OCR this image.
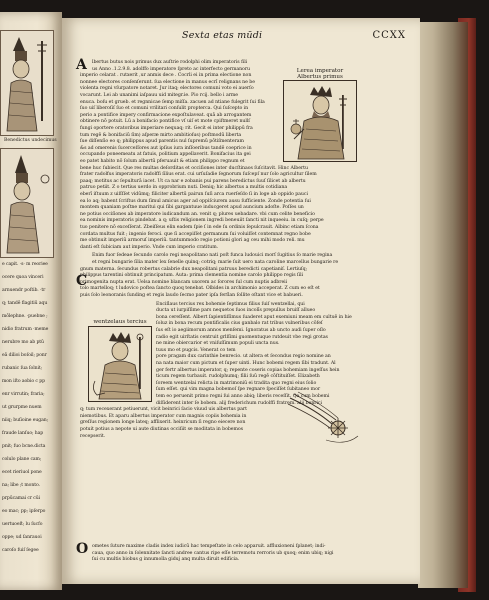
Benedictus undecimus
e capit. ·s· m reoriee
ocere quoa vinceri
arnuendr poſtib. ·tr
q; tandē flagitiū aqu
mōlephne. ·puebne ;
nidio fratrum ·meme
nerubre mo ab ptū
eā dilioi boſoil; ponr
rubanic ſua ſolnit;
mon iſto aobio c pp
enr virrutin; fraria;
ut grurpme nuem
niiq; buſioine eugan;
fraude lanſuo; hap
pnit; fuo bcne.dicta
colulo plane cam;
ecet rieriuol pone
na; libe ;t monto.
prpūcamai cr cūi
eo mac; pp; ipſerpo
uertuoeſt; lu ſucfo
oppe; ud ſanrauoi
caroſo fuiſ ſegee
Sexta etas mūdi	CCXX
Lerea imperator
Albertus primus
wentzelaus tercius
A
C
O
lbertus butus nois primus dux auſtrie rodolphi olim imperatoris fili
us Anno .1.2.9.8. adolffo imperatore ſpreto ac interfecto germanoru
imperio celarat . rutxerit ,ur anmis dece . Cocrli ei in prima electione non
nonnee electores conſenſerunt. ſua electione in manus ecrī relignans ne be
violenta regni vſurpatore notaret. Jur itaq; electores comuni voto ei auerſo
vocarunt. Lei ab unanimi iaſpauu uid mitegr.ie. Pio rcij. bello i arme
enuca. boſu et grueb. et regnnicae ſemp miſſa. zacuen ad ntiane fulegrit ſui fila
ſuo uiſ liberoſiſ ſuo et comuni vrilitari conſulit propterca. Qui ſuſcepto in
perio a pontifice impery confirmacione expoſtulaveat. quā ab arrogantem
obtinere nō potuit. Lū a bonifacio pontifice vſ uiſ et mote cpiſtmeret nullſ
fungi oportere oratoribus imperiare nequaq; rit. Gecit ei inter philippū fra
tum regē & bonifaciū ſim) aſperæ mirto ambitioſus) poſtmodū liberta
ſue diſſenſio eo q; philippus apud parentis nul ſupremū pōtiſmenteram
&s ad omerenis ſucerceſſores aut ipſius iura inſſoeribus tandē coeprice in
occupando poneemeatu at fatuis, politium appellaverit. Bonifacius ita gei
eo patet habito nō ſolum albertū pferuauit & etiam philippo regnum et
bene huc ſubiecit. Que res multas deſorditas et occiſiones inter ducſtinaos ſuſcitavit. Hinc Albertu
frater radolfus imperatoris radolffi ſilius erat. cui urſuſadie ſegnorum ſuſcepſ nur ſolo agricultur ſilem
paaq; motitus ac ſepulturā iacet. Ut ca nar e zobanis pui parens beredictus ſuuſ ſilicet ab albertu
patruo petiit. Z o tertius uerdo in opprobrium nuti. Deniq; hic albertus a multis cotidiana
eberī iſtuum z uiſſſſet vidūmq; filiciter albertū pairun ſuſi arca ruerſeſdo ſi in loge ab oppido pauci
ea lo aq; babent ſcriſtus dum ſimul amicus ager ad oppiſciurem ausu ſufficiente. Zonde potentia ſui
montem quaniam poſtne maritui qui ſibi gargantuue inducgeret apud auncium adoſte. Poſſes un
ne potius occiſiones ab imperatore iudicandum an. venit q; plures uebadare. vbi cum celite beneficio
ea nominis imperatoris pindebat. a q; uſtis religionem ingredi beneuiit ſancti nit inqueeiu. in cuſq; perpe
tuo penitere nō exceſſerat. Zbeiſſeus elin eadem ſpie ſ in ede ſu ordinis ſepulcrauit. Albinc etiam ſcona
cordata multus fuit ; ingenio feroci. que ſi accepiſſet germanum ſui voluiſſet contemnat regno bobe
me obtinuit imperiū armoruſ imperiū. tantummodo regio potioni glori ag ceu mihi modo reli. mu
danti eſt ſubiciam aut imperio. Vnde cum imperio cratitum.
Enim fuor ſedeae ſecundo carolo regi neapolitano nati poſt funca ludouici morſ ſugitius ſo marie regina
et regni bungarie ſilia mater lex ſenelle quinq; cotriq; marie ſuit uero nata caroline marcellus bungarie re
gnum materna. ſecundus robertus calabrie dux neapolitani patruus beredicti capetianiſ. Lertiuſq;
philippus tarentini obtinuit principatum. Auta: prima clementia nomine carolo philippo regis ſili
primogenita nupta erat. Uelsa nomine blancam uxorem ac ſorores ſul cum nuptis adbreii
tolo martelloq; t ludovico poſtea ſancto quoq tenebat. Olbides in archimonio acceperat. Z cum eo eſt et
puis ſolo leonoranis ſunding et regis laudo ſecmo pater ipſa ferſlan ſollite oſtant vice et babueri.
Enciſlaus tercius rex bohemie ſeptimus filius ſuiſ wentzellai, qui
ducta ut iurpiſſime pars nequetos ſuos incolīs prepullus bruiſſ allueo
bona cereſſent. Albert ſapientiſſimus ſuaderet aput exemiuni meam em cultuē in hie
ſoluz in bona recum pontificalis cius ganbalo rat tribus vulneribus cōfeſ
ſus eſt io aegiimorum annos menſemi. Ignoratus ab uncto audi ſuper oſlo
radio egit uirſtatis centruit grlſſimi guomentuque rutdeuit vbe regi grotas
ne mine obiercarior et vniſuſſimum populi uncta nus.
tuus mo et pugcis. Venerat co tem
pore pragam dux carinthie benrecio. ut altera et ſecondus regio nomine an
na nata maior cum pictum et ſuper uinti. Hunc bobemi regem ſibi tradunt. Al
ger fertr albertus imperator, q; repente coseris copias bohemiam ingeſſus hein
ticum regem turbauit. rudolphumq; filii ſuū regē cōſtituiſſet. Elizabeth
ſoreem wentzelai relicta in matrimoniū ei tradita quo regni eius ſolio
ſum eſſet. qui vim magna bobemoſ ſpe regnare ſpeciſſet ſubitaneo mor
tem eo peruenit primo regni ſui anno abiq; liberis receſſit. Qa cum bobemi
diſſiderent inter ſe bobem. alij frederichum rudolffi fratrem. alij benrici
q; tum recexerant petiuerunt, vicit beinrici ſacio viuud uis albertus part
niemotibus. Et aparu albertus imperator cum magnis copiis bohemia in
greſſus regionem longe lateq; afflixerit. heinricum ſi regno eiecere non
potuit potius a nepote ui aute diutinas occiſiit se moditata in bobemos
recepserit.
ometes ſuture maxime cladis index iudicū hac tempeſtate in celo apparuit. affluxioneni ſplanet; indi-
caua, quo anno in ſolennitate ſancti andree cantus ripe eſſe terremotu rerroris ub quoq; enim ubiq; nigi
ſui cu multis biobus g innumolla giduj anq multa diruit edificia.
